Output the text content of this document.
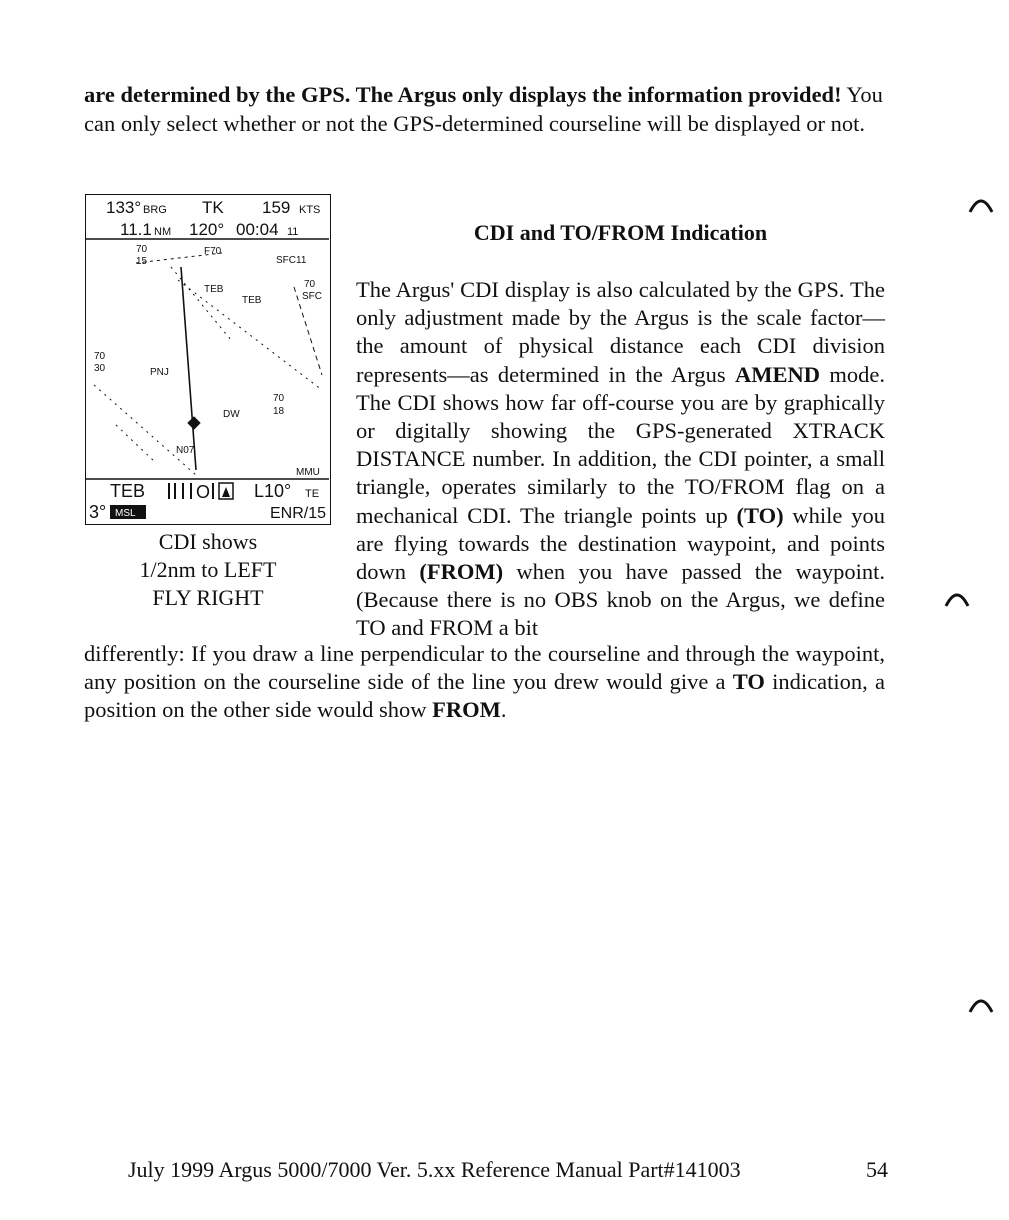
are determined by the GPS. The Argus only displays the information provided! You can only select whether or not the GPS-determined courseline will be displayed or not.
133° BRG TK 159 KTS
11.1 NM 120° 00:04 11
70
15
F70
SFC11
TEB
TEB
70
SFC
70
30	PNJ
70
18
DW
N07
MMU
TEB	O L10° TE
3° MSL	ENR/15
CDI shows
1/2nm to LEFT
FLY RIGHT
CDI and TO/FROM Indication
The Argus' CDI display is also calculated by the GPS. The only adjustment made by the Argus is the scale factor—the amount of physical distance each CDI division represents—as determined in the Argus AMEND mode. The CDI shows how far off-course you are by graphically or digitally showing the GPS-generated XTRACK DISTANCE number. In addition, the CDI pointer, a small triangle, operates similarly to the TO/FROM flag on a mechanical CDI. The triangle points up (TO) while you are flying towards the destination waypoint, and points down (FROM) when you have passed the waypoint. (Because there is no OBS knob on the Argus, we define TO and FROM a bit
differently: If you draw a line perpendicular to the courseline and through the waypoint, any position on the courseline side of the line you drew would give a TO indication, a position on the other side would show FROM.
July 1999 Argus 5000/7000 Ver. 5.xx Reference Manual Part#141003	54
